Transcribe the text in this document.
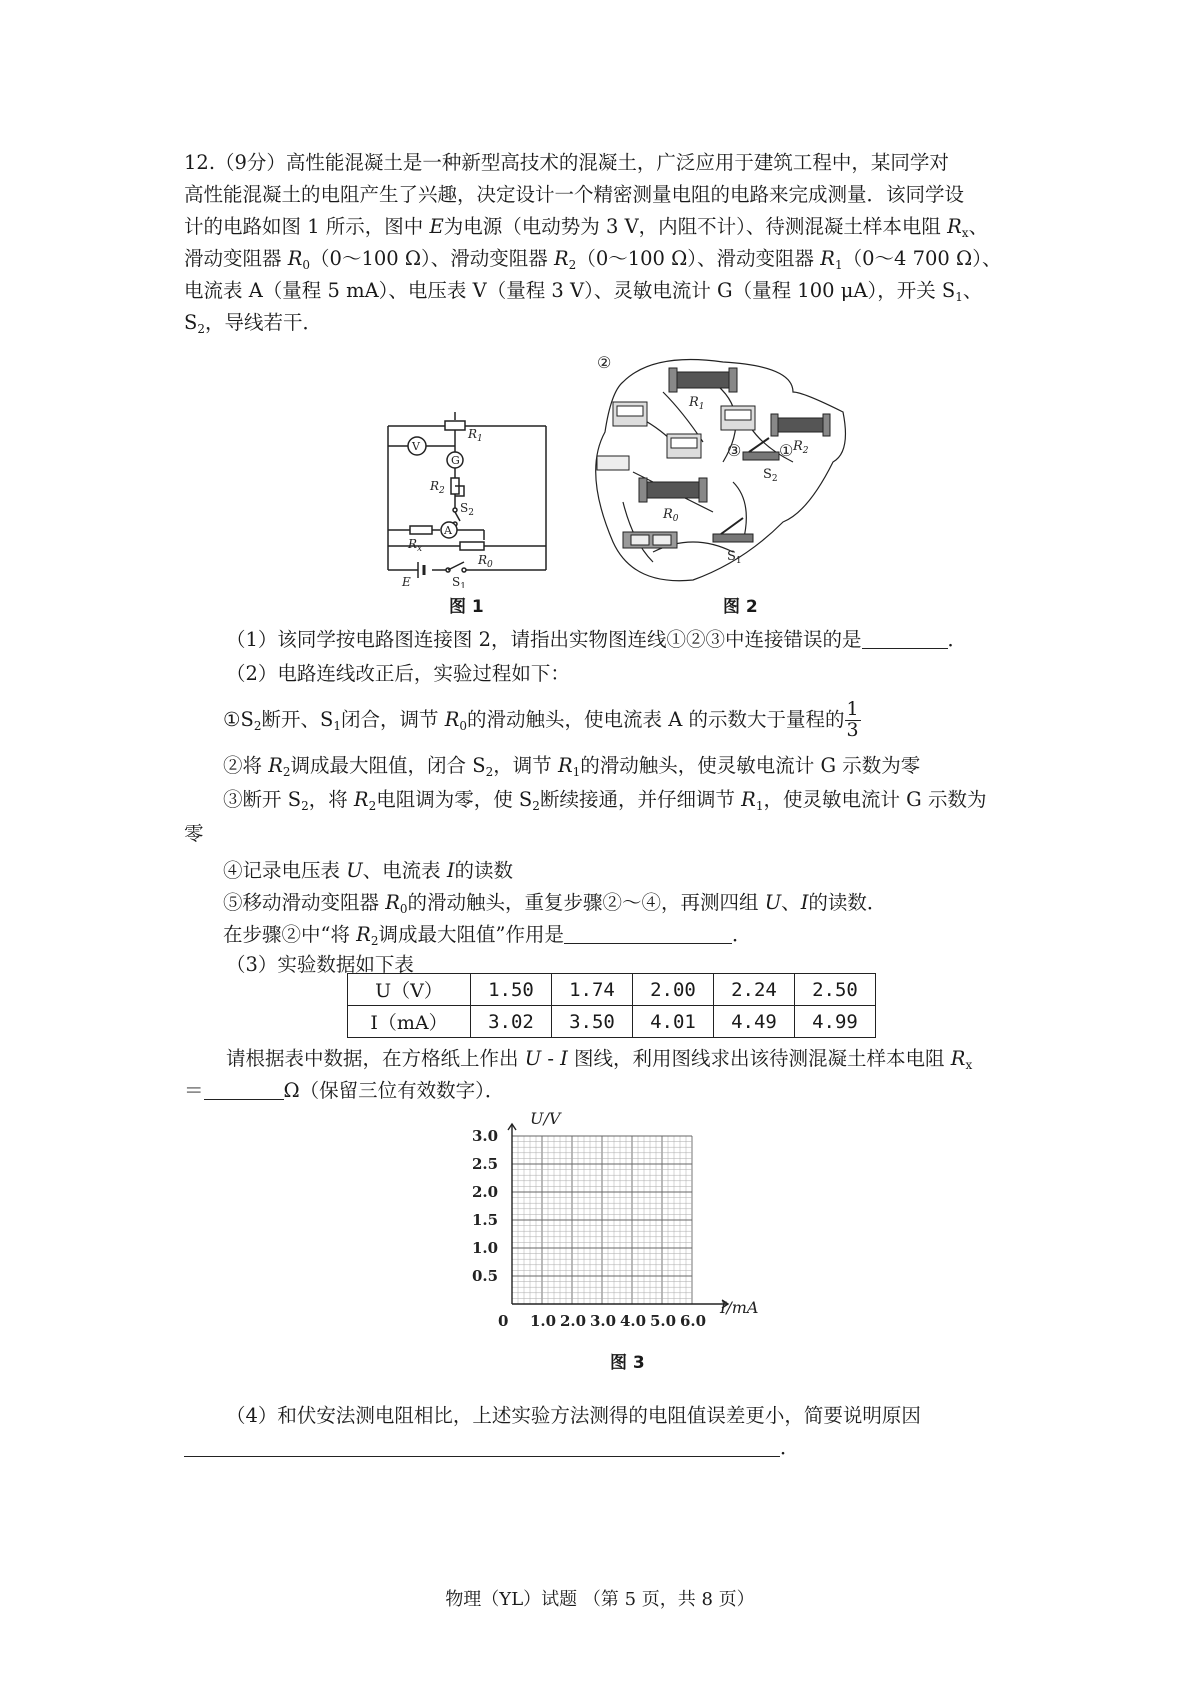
12.（9分）高性能混凝土是一种新型高技术的混凝土，广泛应用于建筑工程中，某同学对
高性能混凝土的电阻产生了兴趣，决定设计一个精密测量电阻的电路来完成测量．该同学设
计的电路如图 1 所示，图中 E为电源（电动势为 3 V，内阻不计）、待测混凝土样本电阻 $R_x$、
滑动变阻器 $R_0(0\sim 100$ Ω）、滑动变阻器 $R_2(0\sim 100$ Ω）、滑动变阻器 $R_1(0\sim 4$ 700 Ω）、
电流表 A（量程 5 mA）、电压表 V（量程 3 V）、灵敏电流计 G（量程 100 μA），开关 $S_1$、
$S_2$，导线若干．
V
G
A
$R_1$
$R_2$
$S_2$
$R_x$
$R_0$
E	$S_1$
图 1
②
③ ①
$R_1$
$R_2$
$S_2$
$R_0$
$S_1$
图 2
（1）该同学按电路图连接图 2，请指出实物图连线①②③中连接错误的是	．
（2）电路连线改正后，实验过程如下：
$①S_2$断开、$S_1$闭合，调节 $R_0$的滑动触头，使电流表 A 的示数大于量程的 $\frac{1}{3}$
②将 $R_2$调成最大阻值，闭合 $S_2$，调节 $R_1$的滑动触头，使灵敏电流计 G 示数为零
③断开 $S_2$，将 $R_2$电阻调为零，使 $S_2$断续接通，并仔细调节 $R_1$，使灵敏电流计 G 示数为
零
④记录电压表 U、电流表 I的读数
⑤移动滑动变阻器 $R_0$的滑动触头，重复步骤②～④，再测四组 U、I的读数．
在步骤②中“将 $R_2$调成最大阻值”作用是	．
（3）实验数据如下表
U（V）	1.50	1.74	2.00	2.24	2.50
I（mA）	3.02	3.50	4.01	4.49	4.99
请根据表中数据，在方格纸上作出 U - I 图线，利用图线求出该待测混凝土样本电阻 $R_x$
＝	Ω（保留三位有效数字）．
0.5
1.0
1.5
2.0
2.5
3.0
1.0 2.0 3.0 4.0 5.0 6.0
U/V
I/mA
0
图 3
（4）和伏安法测电阻相比，上述实验方法测得的电阻值误差更小，简要说明原因
．
物理（YL）试题 （第 5 页，共 8 页）
